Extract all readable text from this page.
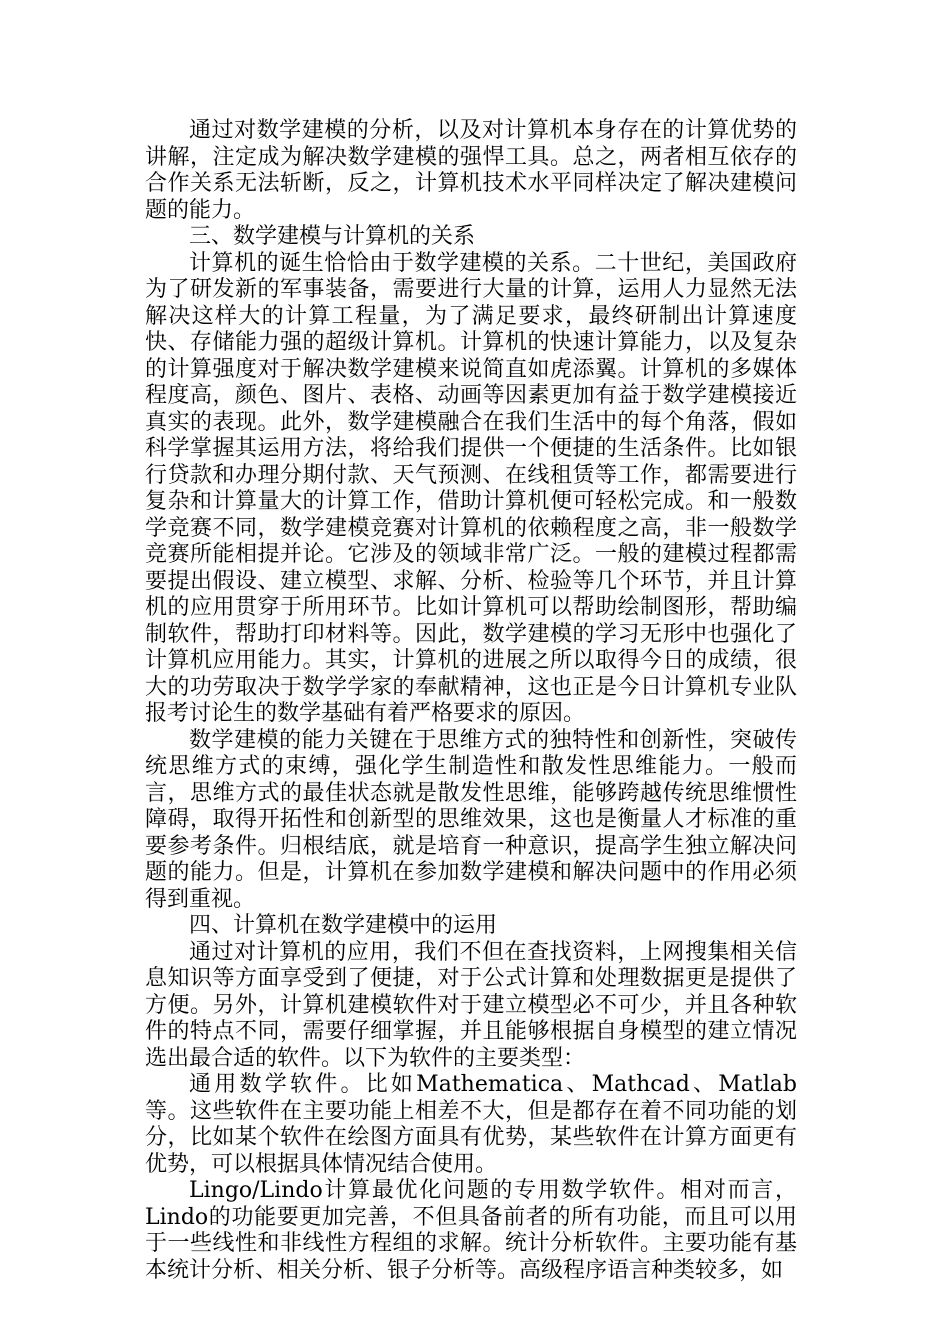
通过对数学建模的分析，以及对计算机本身存在的计算优势的讲解，注定成为解决数学建模的强悍工具。总之，两者相互依存的合作关系无法斩断，反之，计算机技术水平同样决定了解决建模问题的能力。

三、数学建模与计算机的关系

计算机的诞生恰恰由于数学建模的关系。二十世纪，美国政府为了研发新的军事装备，需要进行大量的计算，运用人力显然无法解决这样大的计算工程量，为了满足要求，最终研制出计算速度快、存储能力强的超级计算机。计算机的快速计算能力，以及复杂的计算强度对于解决数学建模来说简直如虎添翼。计算机的多媒体程度高，颜色、图片、表格、动画等因素更加有益于数学建模接近真实的表现。此外，数学建模融合在我们生活中的每个角落，假如科学掌握其运用方法，将给我们提供一个便捷的生活条件。比如银行贷款和办理分期付款、天气预测、在线租赁等工作，都需要进行复杂和计算量大的计算工作，借助计算机便可轻松完成。和一般数学竞赛不同，数学建模竞赛对计算机的依赖程度之高，非一般数学竞赛所能相提并论。它涉及的领域非常广泛。一般的建模过程都需要提出假设、建立模型、求解、分析、检验等几个环节，并且计算机的应用贯穿于所用环节。比如计算机可以帮助绘制图形，帮助编制软件，帮助打印材料等。因此，数学建模的学习无形中也强化了计算机应用能力。其实，计算机的进展之所以取得今日的成绩，很大的功劳取决于数学学家的奉献精神，这也正是今日计算机专业队报考讨论生的数学基础有着严格要求的原因。

数学建模的能力关键在于思维方式的独特性和创新性，突破传统思维方式的束缚，强化学生制造性和散发性思维能力。一般而言，思维方式的最佳状态就是散发性思维，能够跨越传统思维惯性障碍，取得开拓性和创新型的思维效果，这也是衡量人才标准的重要参考条件。归根结底，就是培育一种意识，提高学生独立解决问题的能力。但是，计算机在参加数学建模和解决问题中的作用必须得到重视。

四、计算机在数学建模中的运用

通过对计算机的应用，我们不但在查找资料，上网搜集相关信息知识等方面享受到了便捷，对于公式计算和处理数据更是提供了方便。另外，计算机建模软件对于建立模型必不可少，并且各种软件的特点不同，需要仔细掌握，并且能够根据自身模型的建立情况选出最合适的软件。以下为软件的主要类型：

通用数学软件。比如Mathematica、Mathcad、Matlab等。这些软件在主要功能上相差不大，但是都存在着不同功能的划分，比如某个软件在绘图方面具有优势，某些软件在计算方面更有优势，可以根据具体情况结合使用。

Lingo/Lindo计算最优化问题的专用数学软件。相对而言，Lindo的功能要更加完善，不但具备前者的所有功能，而且可以用于一些线性和非线性方程组的求解。统计分析软件。主要功能有基本统计分析、相关分析、银子分析等。高级程序语言种类较多，如
